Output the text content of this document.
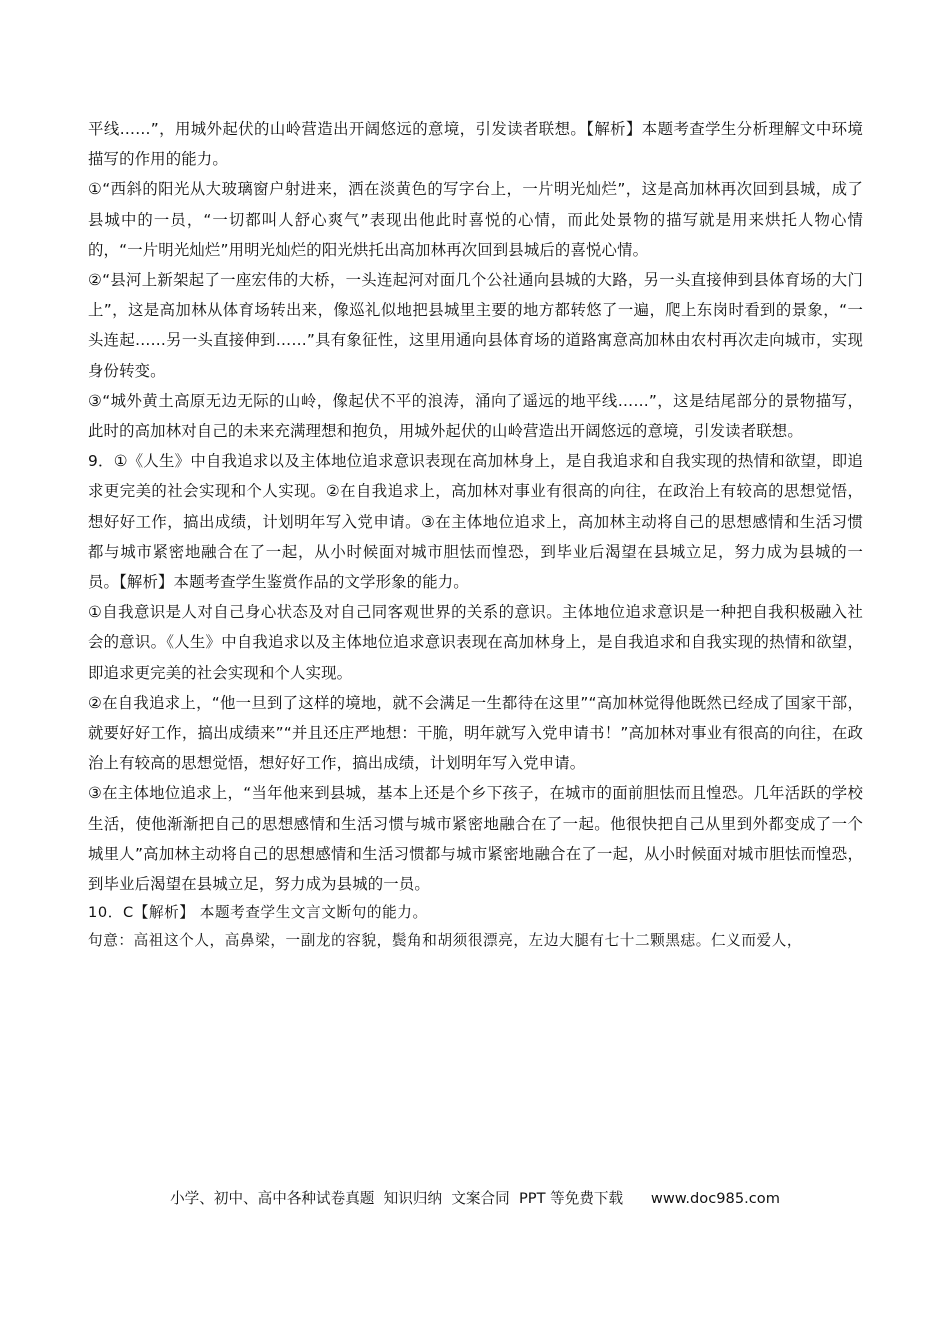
平线……”，用城外起伏的山岭营造出开阔悠远的意境，引发读者联想。【解析】本题考查学生分析理解文中环境描写的作用的能力。

①“西斜的阳光从大玻璃窗户射进来，洒在淡黄色的写字台上，一片明光灿烂”，这是高加林再次回到县城，成了县城中的一员，“一切都叫人舒心爽气”表现出他此时喜悦的心情，而此处景物的描写就是用来烘托人物心情的，“一片明光灿烂”用明光灿烂的阳光烘托出高加林再次回到县城后的喜悦心情。

②“县河上新架起了一座宏伟的大桥，一头连起河对面几个公社通向县城的大路，另一头直接伸到县体育场的大门上”，这是高加林从体育场转出来，像巡礼似地把县城里主要的地方都转悠了一遍，爬上东岗时看到的景象，“一头连起……另一头直接伸到……”具有象征性，这里用通向县体育场的道路寓意高加林由农村再次走向城市，实现身份转变。

③“城外黄土高原无边无际的山岭，像起伏不平的浪涛，涌向了遥远的地平线……”，这是结尾部分的景物描写，此时的高加林对自己的未来充满理想和抱负，用城外起伏的山岭营造出开阔悠远的意境，引发读者联想。

9．①《人生》中自我追求以及主体地位追求意识表现在高加林身上，是自我追求和自我实现的热情和欲望，即追求更完美的社会实现和个人实现。②在自我追求上，高加林对事业有很高的向往，在政治上有较高的思想觉悟，想好好工作，搞出成绩，计划明年写入党申请。③在主体地位追求上，高加林主动将自己的思想感情和生活习惯都与城市紧密地融合在了一起，从小时候面对城市胆怯而惶恐，到毕业后渴望在县城立足，努力成为县城的一员。【解析】本题考查学生鉴赏作品的文学形象的能力。

①自我意识是人对自己身心状态及对自己同客观世界的关系的意识。主体地位追求意识是一种把自我积极融入社会的意识。《人生》中自我追求以及主体地位追求意识表现在高加林身上，是自我追求和自我实现的热情和欲望，即追求更完美的社会实现和个人实现。

②在自我追求上，“他一旦到了这样的境地，就不会满足一生都待在这里”“高加林觉得他既然已经成了国家干部，就要好好工作，搞出成绩来”“并且还庄严地想：干脆，明年就写入党申请书！”高加林对事业有很高的向往，在政治上有较高的思想觉悟，想好好工作，搞出成绩，计划明年写入党申请。

③在主体地位追求上，“当年他来到县城，基本上还是个乡下孩子，在城市的面前胆怯而且惶恐。几年活跃的学校生活，使他渐渐把自己的思想感情和生活习惯与城市紧密地融合在了一起。他很快把自己从里到外都变成了一个城里人”高加林主动将自己的思想感情和生活习惯都与城市紧密地融合在了一起，从小时候面对城市胆怯而惶恐，到毕业后渴望在县城立足，努力成为县城的一员。

10．C【解析】 本题考查学生文言文断句的能力。

句意：高祖这个人，高鼻梁，一副龙的容貌，鬓角和胡须很漂亮，左边大腿有七十二颗黑痣。仁义而爱人，

小学、初中、高中各种试卷真题  知识归纳  文案合同  PPT 等免费下载      www.doc985.com
